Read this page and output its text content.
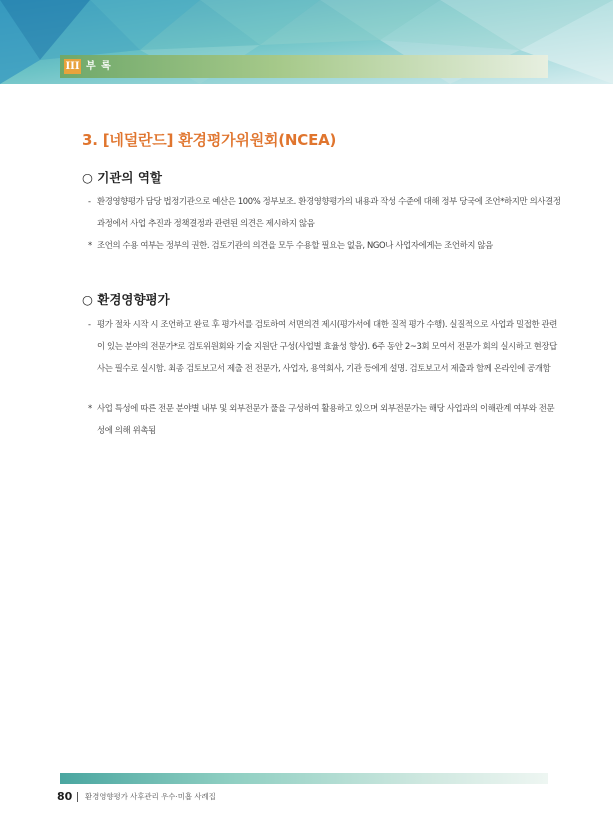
III 부 록
3. [네덜란드] 환경평가위원회(NCEA)
○ 기관의 역할
- 환경영향평가 담당 법정기관으로 예산은 100% 정부보조. 환경영향평가의 내용과 작성 수준에 대해 정부 당국에 조언*하지만 의사결정 과정에서 사업 추진과 정책결정과 관련된 의견은 제시하지 않음
* 조언의 수용 여부는 정부의 권한. 검토기관의 의견을 모두 수용할 필요는 없음, NGO나 사업자에게는 조언하지 않음
○ 환경영향평가
- 평가 절차 시작 시 조언하고 완료 후 평가서를 검토하여 서면의견 제시(평가서에 대한 질적 평가 수행). 실질적으로 사업과 밀접한 관련이 있는 분야의 전문가*로 검토위원회와 기술 지원단 구성(사업별 효율성 향상). 6주 동안 2~3회 모여서 전문가 회의 실시하고 현장답사는 필수로 실시함. 최종 검토보고서 제출 전 전문가, 사업자, 용역회사, 기관 등에게 설명. 검토보고서 제출과 함께 온라인에 공개함
* 사업 특성에 따른 전문 분야별 내부 및 외부전문가 풀을 구성하여 활용하고 있으며 외부전문가는 해당 사업과의 이해관계 여부와 전문성에 의해 위촉됨
80 환경영향평가 사후관리 우수·미흡 사례집
